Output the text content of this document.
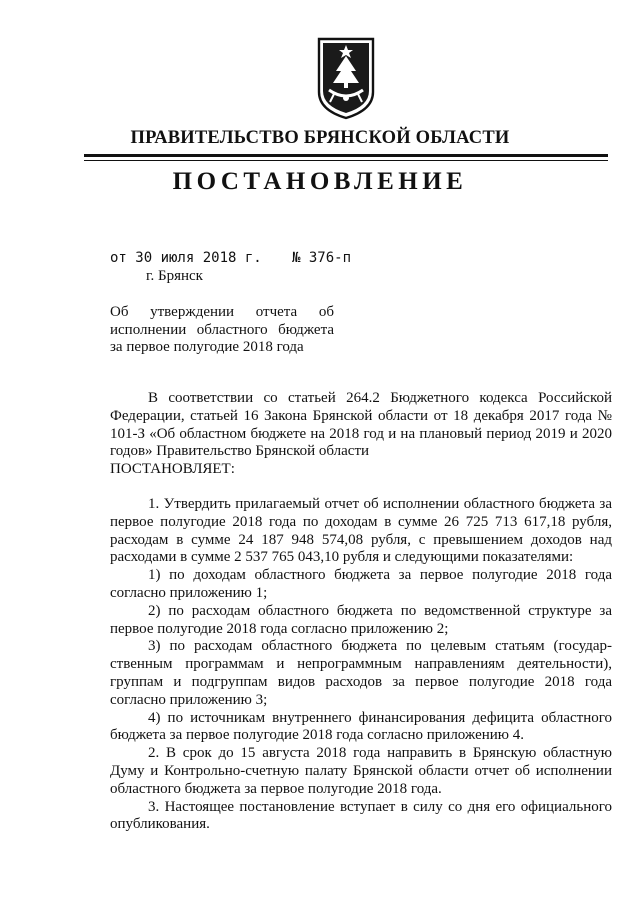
ПРАВИТЕЛЬСТВО БРЯНСКОЙ ОБЛАСТИ
ПОСТАНОВЛЕНИЕ
от 30 июля 2018 г. № 376-п
г. Брянск
Об утверждении отчета об
исполнении областного бюджета
за первое полугодие 2018 года

В соответствии со статьей 264.2 Бюджетного кодекса Российской Федерации, статьей 16 Закона Брянской области от 18 декабря 2017 года № 101-З «Об областном бюджете на 2018 год и на плановый период 2019 и 2020 годов» Правительство Брянской области

ПОСТАНОВЛЯЕТ:

1. Утвердить прилагаемый отчет об исполнении областного бюджета за первое полугодие 2018 года по доходам в сумме 26 725 713 617,18 рубля, расходам в сумме 24 187 948 574,08 рубля, с превышением доходов над расходами в сумме 2 537 765 043,10 рубля и следующими показателями:

1) по доходам областного бюджета за первое полугодие 2018 года согласно приложению 1;

2) по расходам областного бюджета по ведомственной структуре за первое полугодие 2018 года согласно приложению 2;

3) по расходам областного бюджета по целевым статьям (государ-ственным программам и непрограммным направлениям деятельности), группам и подгруппам видов расходов за первое полугодие 2018 года согласно приложению 3;

4) по источникам внутреннего финансирования дефицита областного бюджета за первое полугодие 2018 года согласно приложению 4.

2. В срок до 15 августа 2018 года направить в Брянскую областную Думу и Контрольно-счетную палату Брянской области отчет об исполнении областного бюджета за первое полугодие 2018 года.

3. Настоящее постановление вступает в силу со дня его официального опубликования.
